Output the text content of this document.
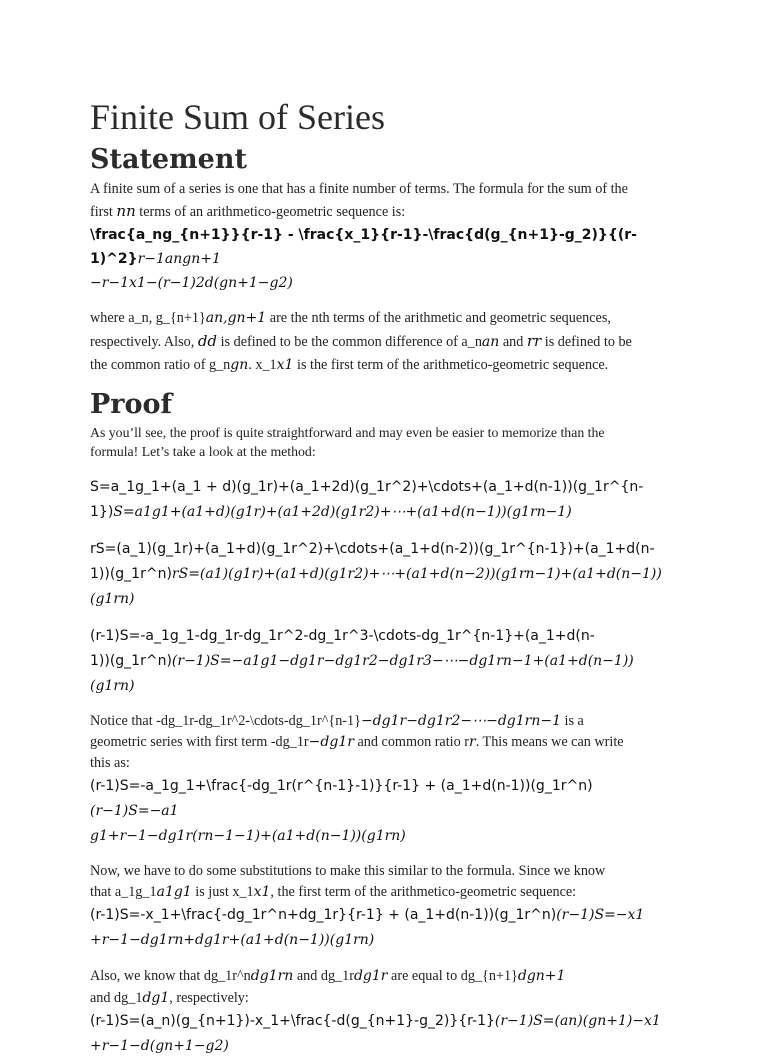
Finite Sum of Series
Statement

A finite sum of a series is one that has a finite number of terms. The formula for the sum of the
first nn terms of an arithmetico-geometric sequence is:

\frac{a_ng_{n+1}}{r-1} - \frac{x_1}{r-1}-\frac{d(g_{n+1}-g_2)}{(r-1)^2}r−1angn+1
−r−1x1−(r−1)2d(gn+1−g2)

where a_n, g_{n+1}an,gn+1 are the nth terms of the arithmetic and geometric sequences,
respectively. Also, dd is defined to be the common difference of a_nan and rr is defined to be
the common ratio of g_ngn. x_1x1 is the first term of the arithmetico-geometric sequence.

Proof

As you’ll see, the proof is quite straightforward and may even be easier to memorize than the
formula! Let’s take a look at the method:

S=a_1g_1+(a_1 + d)(g_1r)+(a_1+2d)(g_1r^2)+\cdots+(a_1+d(n-1))(g_1r^{n-
1})S=a1g1+(a1+d)(g1r)+(a1+2d)(g1r2)+⋯+(a1+d(n−1))(g1rn−1)

rS=(a_1)(g_1r)+(a_1+d)(g_1r^2)+\cdots+(a_1+d(n-2))(g_1r^{n-1})+(a_1+d(n-
1))(g_1r^n)rS=(a1)(g1r)+(a1+d)(g1r2)+⋯+(a1+d(n−2))(g1rn−1)+(a1+d(n−1))(g1rn)

(r-1)S=-a_1g_1-dg_1r-dg_1r^2-dg_1r^3-\cdots-dg_1r^{n-1}+(a_1+d(n-
1))(g_1r^n)(r−1)S=−a1g1−dg1r−dg1r2−dg1r3−⋯−dg1rn−1+(a1+d(n−1))(g1rn)

Notice that -dg_1r-dg_1r^2-\cdots-dg_1r^{n-1}−dg1r−dg1r2−⋯−dg1rn−1 is a
geometric series with first term -dg_1r−dg1r and common ratio rr. This means we can write
this as:

(r-1)S=-a_1g_1+\frac{-dg_1r(r^{n-1}-1)}{r-1} + (a_1+d(n-1))(g_1r^n)(r−1)S=−a1
g1+r−1−dg1r(rn−1−1)+(a1+d(n−1))(g1rn)

Now, we have to do some substitutions to make this similar to the formula. Since we know
that a_1g_1a1g1 is just x_1x1, the first term of the arithmetico-geometric sequence:

(r-1)S=-x_1+\frac{-dg_1r^n+dg_1r}{r-1} + (a_1+d(n-1))(g_1r^n)(r−1)S=−x1
+r−1−dg1rn+dg1r+(a1+d(n−1))(g1rn)

Also, we know that dg_1r^ndg1rn and dg_1rdg1r are equal to dg_{n+1}dgn+1
and dg_1dg1, respectively:

(r-1)S=(a_n)(g_{n+1})-x_1+\frac{-d(g_{n+1}-g_2)}{r-1}(r−1)S=(an)(gn+1)−x1
+r−1−d(gn+1−g2)
